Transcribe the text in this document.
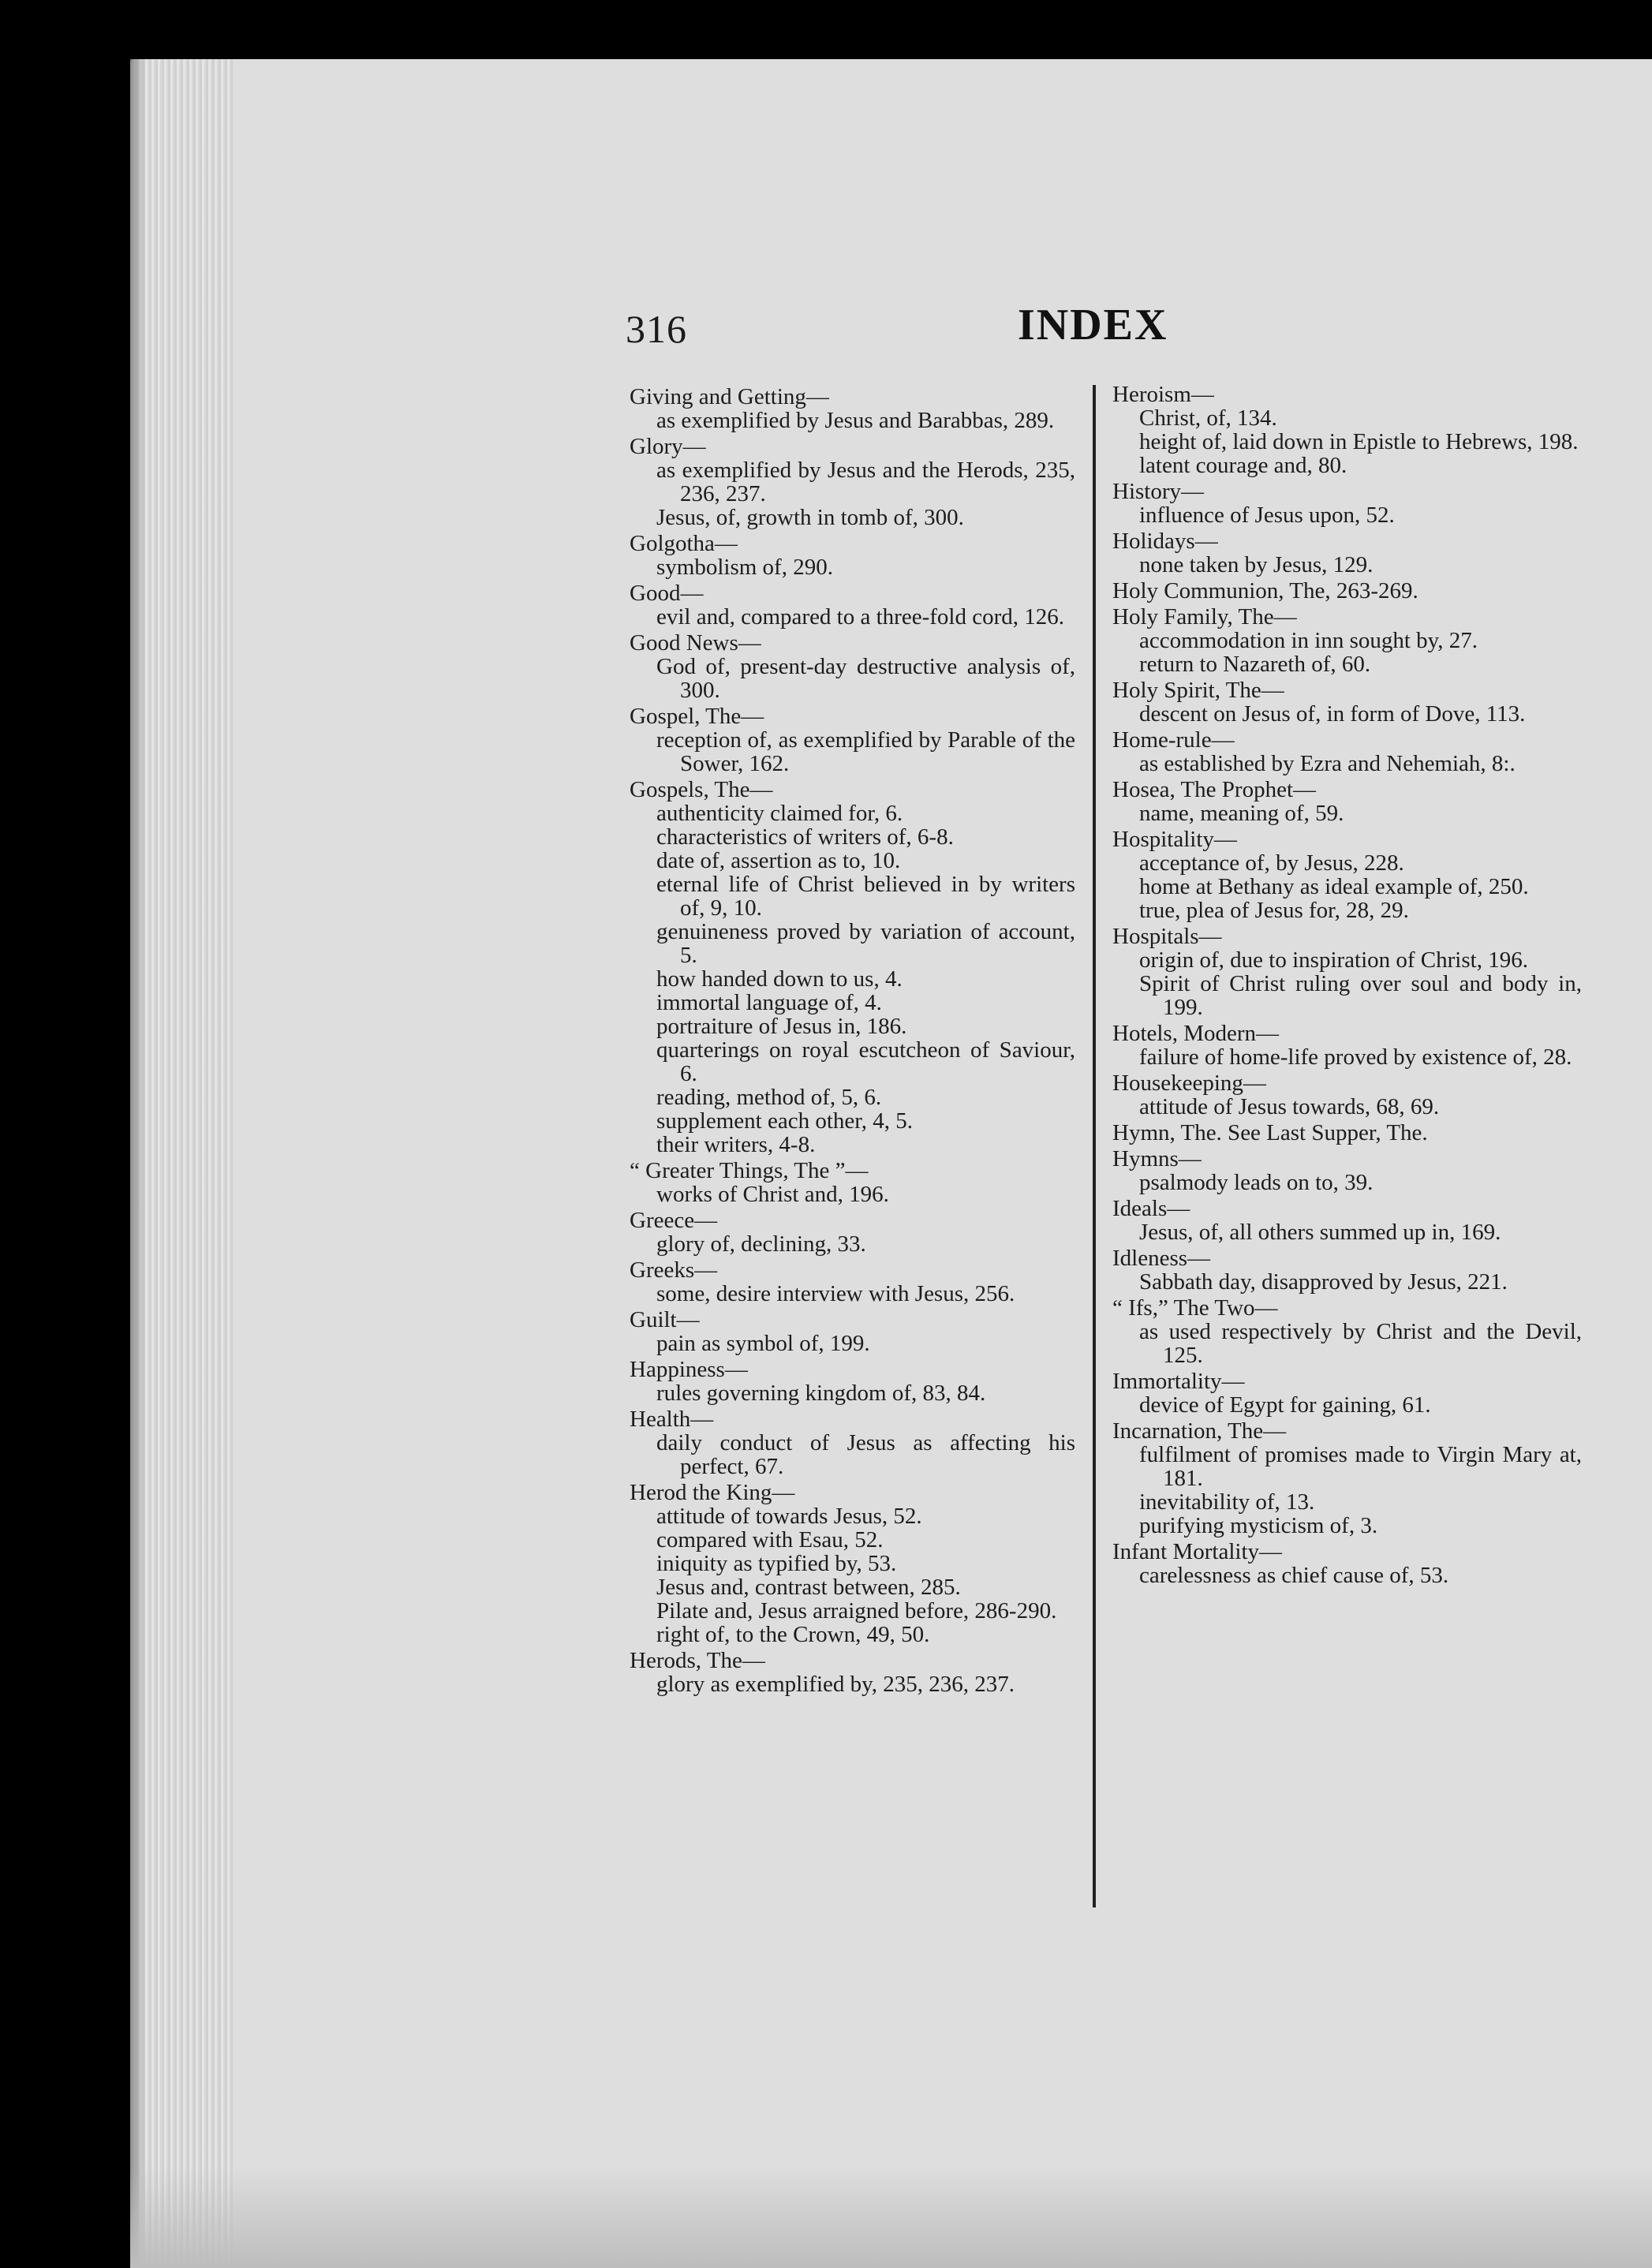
316	INDEX
Giving and Getting—
as exemplified by Jesus and Barabbas, 289.
Glory—
as exemplified by Jesus and the Herods, 235, 236, 237.
Jesus, of, growth in tomb of, 300.
Golgotha—
symbolism of, 290.
Good—
evil and, compared to a three-fold cord, 126.
Good News—
God of, present-day destructive analysis of, 300.
Gospel, The—
reception of, as exemplified by Parable of the Sower, 162.
Gospels, The—
authenticity claimed for, 6.
characteristics of writers of, 6-8.
date of, assertion as to, 10.
eternal life of Christ believed in by writers of, 9, 10.
genuineness proved by variation of account, 5.
how handed down to us, 4.
immortal language of, 4.
portraiture of Jesus in, 186.
quarterings on royal escutcheon of Saviour, 6.
reading, method of, 5, 6.
supplement each other, 4, 5.
their writers, 4-8.
“ Greater Things, The ”—
works of Christ and, 196.
Greece—
glory of, declining, 33.
Greeks—
some, desire interview with Jesus, 256.
Guilt—
pain as symbol of, 199.
Happiness—
rules governing kingdom of, 83, 84.
Health—
daily conduct of Jesus as affecting his perfect, 67.
Herod the King—
attitude of towards Jesus, 52.
compared with Esau, 52.
iniquity as typified by, 53.
Jesus and, contrast between, 285.
Pilate and, Jesus arraigned before, 286-290.
right of, to the Crown, 49, 50.
Herods, The—
glory as exemplified by, 235, 236, 237.
Heroism—
Christ, of, 134.
height of, laid down in Epistle to Hebrews, 198.
latent courage and, 80.
History—
influence of Jesus upon, 52.
Holidays—
none taken by Jesus, 129.
Holy Communion, The, 263-269.
Holy Family, The—
accommodation in inn sought by, 27.
return to Nazareth of, 60.
Holy Spirit, The—
descent on Jesus of, in form of Dove, 113.
Home-rule—
as established by Ezra and Nehemiah, 8:.
Hosea, The Prophet—
name, meaning of, 59.
Hospitality—
acceptance of, by Jesus, 228.
home at Bethany as ideal example of, 250.
true, plea of Jesus for, 28, 29.
Hospitals—
origin of, due to inspiration of Christ, 196.
Spirit of Christ ruling over soul and body in, 199.
Hotels, Modern—
failure of home-life proved by existence of, 28.
Housekeeping—
attitude of Jesus towards, 68, 69.
Hymn, The. See Last Supper, The.
Hymns—
psalmody leads on to, 39.
Ideals—
Jesus, of, all others summed up in, 169.
Idleness—
Sabbath day, disapproved by Jesus, 221.
“ Ifs,” The Two—
as used respectively by Christ and the Devil, 125.
Immortality—
device of Egypt for gaining, 61.
Incarnation, The—
fulfilment of promises made to Virgin Mary at, 181.
inevitability of, 13.
purifying mysticism of, 3.
Infant Mortality—
carelessness as chief cause of, 53.
